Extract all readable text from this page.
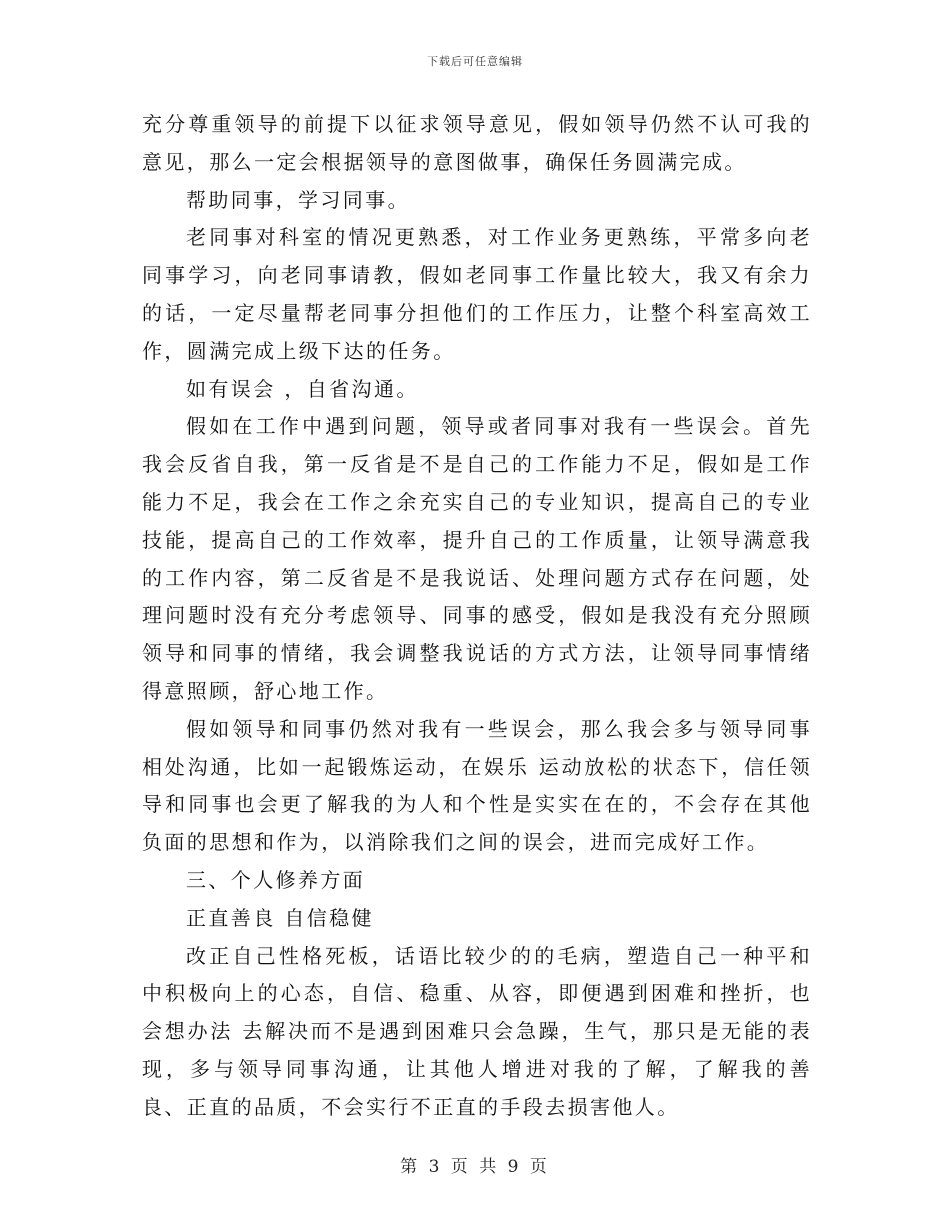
下载后可任意编辑

充分尊重领导的前提下以征求领导意见，假如领导仍然不认可我的意见，那么一定会根据领导的意图做事，确保任务圆满完成。

帮助同事，学习同事。

老同事对科室的情况更熟悉，对工作业务更熟练，平常多向老同事学习，向老同事请教，假如老同事工作量比较大，我又有余力的话，一定尽量帮老同事分担他们的工作压力，让整个科室高效工作，圆满完成上级下达的任务。

如有误会 ，自省沟通。

假如在工作中遇到问题，领导或者同事对我有一些误会。首先我会反省自我，第一反省是不是自己的工作能力不足，假如是工作能力不足，我会在工作之余充实自己的专业知识，提高自己的专业技能，提高自己的工作效率，提升自己的工作质量，让领导满意我的工作内容，第二反省是不是我说话、处理问题方式存在问题，处理问题时没有充分考虑领导、同事的感受，假如是我没有充分照顾领导和同事的情绪，我会调整我说话的方式方法，让领导同事情绪得意照顾，舒心地工作。

假如领导和同事仍然对我有一些误会，那么我会多与领导同事相处沟通，比如一起锻炼运动，在娱乐 运动放松的状态下，信任领导和同事也会更了解我的为人和个性是实实在在的，不会存在其他负面的思想和作为，以消除我们之间的误会，进而完成好工作。

三、个人修养方面

正直善良 自信稳健

改正自己性格死板，话语比较少的的毛病，塑造自己一种平和中积极向上的心态，自信、稳重、从容，即便遇到困难和挫折，也会想办法 去解决而不是遇到困难只会急躁，生气，那只是无能的表现，多与领导同事沟通，让其他人增进对我的了解，了解我的善良、正直的品质，不会实行不正直的手段去损害他人。

第 3 页 共 9 页
